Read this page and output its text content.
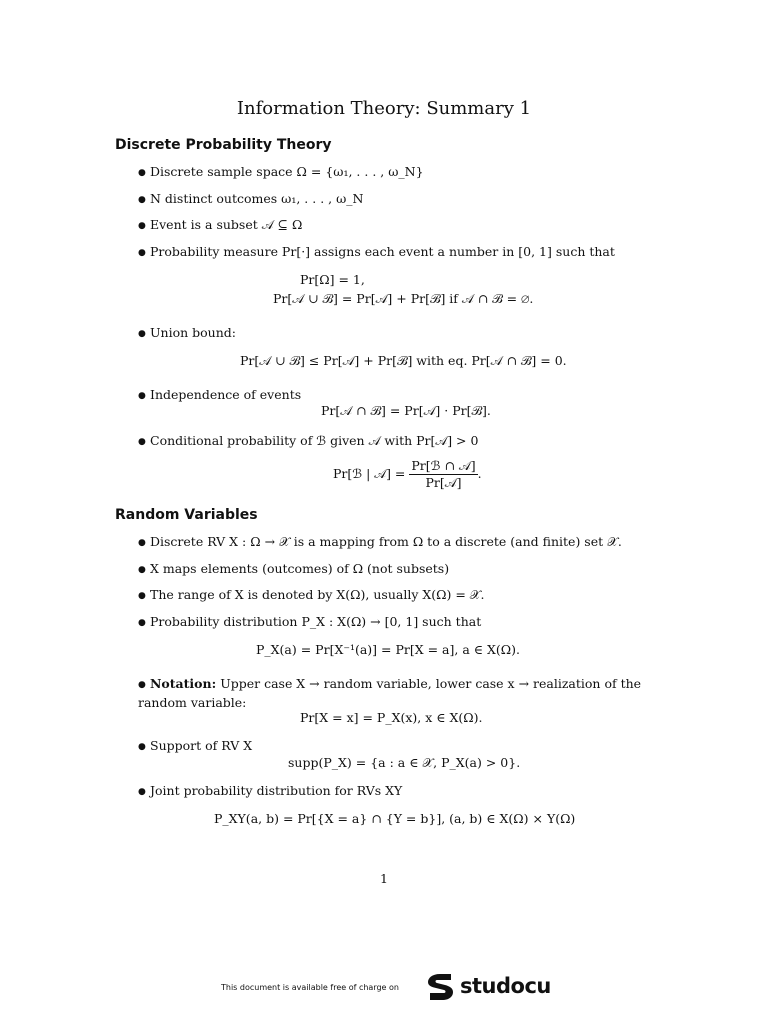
Information Theory: Summary 1
Discrete Probability Theory
● Discrete sample space Ω = {ω₁, . . . , ω_N}
● N distinct outcomes ω₁, . . . , ω_N
● Event is a subset 𝒜 ⊆ Ω
● Probability measure Pr[·] assigns each event a number in [0, 1] such that
Pr[Ω] = 1,
Pr[𝒜 ∪ ℬ] = Pr[𝒜] + Pr[ℬ] if 𝒜 ∩ ℬ = ∅.
● Union bound:
Pr[𝒜 ∪ ℬ] ≤ Pr[𝒜] + Pr[ℬ] with eq. Pr[𝒜 ∩ ℬ] = 0.
● Independence of events
Pr[𝒜 ∩ ℬ] = Pr[𝒜] · Pr[ℬ].
● Conditional probability of ℬ given 𝒜 with Pr[𝒜] > 0
Pr[ℬ | 𝒜] = $\frac{\text{Pr[ℬ ∩ 𝒜]}}{\text{Pr[𝒜]}}$ .
Random Variables
● Discrete RV X : Ω → 𝒳 is a mapping from Ω to a discrete (and finite) set 𝒳.
● X maps elements (outcomes) of Ω (not subsets)
● The range of X is denoted by X(Ω), usually X(Ω) = 𝒳.
● Probability distribution P_X : X(Ω) → [0, 1] such that
P_X(a) = Pr[X⁻¹(a)] = Pr[X = a], a ∈ X(Ω).
● Notation: Upper case X → random variable, lower case x → realization of the random variable:
Pr[X = x] = P_X(x), x ∈ X(Ω).
● Support of RV X
supp(P_X) = {a : a ∈ 𝒳, P_X(a) > 0}.
● Joint probability distribution for RVs XY
P_XY(a, b) = Pr[{X = a} ∩ {Y = b}], (a, b) ∈ X(Ω) × Y(Ω)
1
This document is available free of charge on	studocu
